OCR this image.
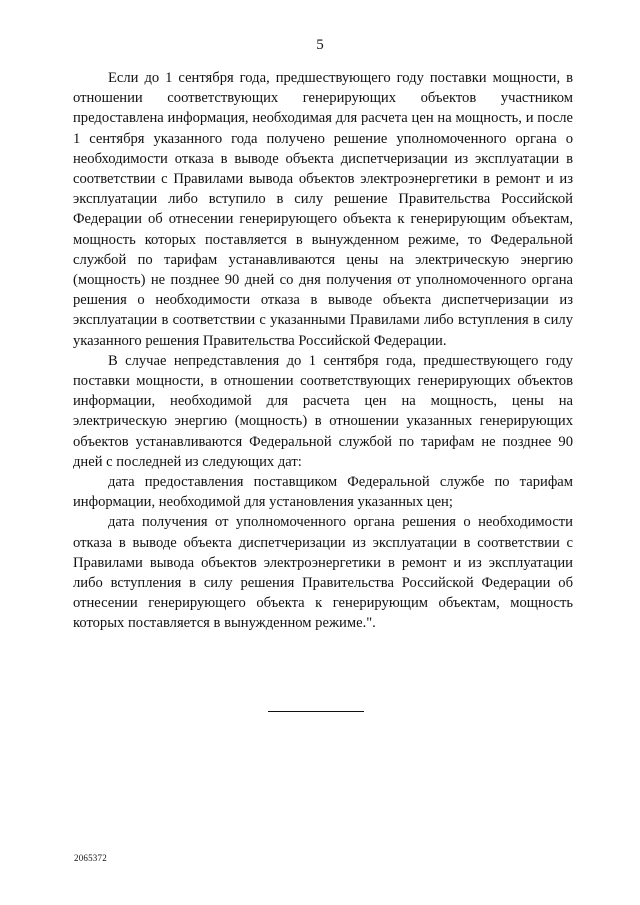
5

Если до 1 сентября года, предшествующего году поставки мощности, в отношении соответствующих генерирующих объектов участником предоставлена информация, необходимая для расчета цен на мощность, и после 1 сентября указанного года получено решение уполномоченного органа о необходимости отказа в выводе объекта диспетчеризации из эксплуатации в соответствии с Правилами вывода объектов электроэнергетики в ремонт и из эксплуатации либо вступило в силу решение Правительства Российской Федерации об отнесении генерирующего объекта к генерирующим объектам, мощность которых поставляется в вынужденном режиме, то Федеральной службой по тарифам устанавливаются цены на электрическую энергию (мощность) не позднее 90 дней со дня получения от уполномоченного органа решения о необходимости отказа в выводе объекта диспетчеризации из эксплуатации в соответствии с указанными Правилами либо вступления в силу указанного решения Правительства Российской Федерации.

В случае непредставления до 1 сентября года, предшествующего году поставки мощности, в отношении соответствующих генерирующих объектов информации, необходимой для расчета цен на мощность, цены на электрическую энергию (мощность) в отношении указанных генерирующих объектов устанавливаются Федеральной службой по тарифам не позднее 90 дней с последней из следующих дат:

дата предоставления поставщиком Федеральной службе по тарифам информации, необходимой для установления указанных цен;

дата получения от уполномоченного органа решения о необходимости отказа в выводе объекта диспетчеризации из эксплуатации в соответствии с Правилами вывода объектов электроэнергетики в ремонт и из эксплуатации либо вступления в силу решения Правительства Российской Федерации об отнесении генерирующего объекта к генерирующим объектам, мощность которых поставляется в вынужденном режиме.".

2065372
